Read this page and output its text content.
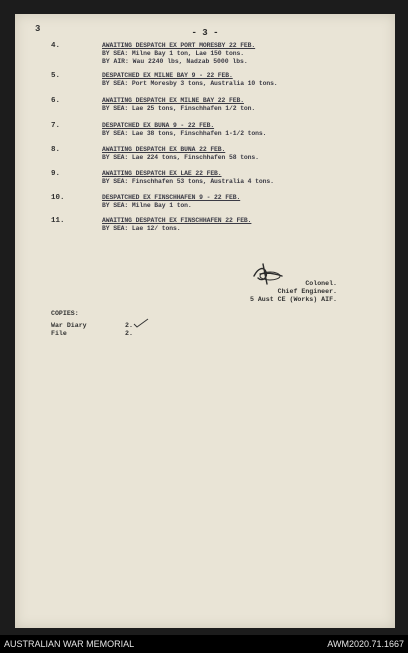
3	- 3 -
4.	AWAITING DESPATCH EX PORT MORESBY 22 FEB.
BY SEA: Milne Bay 1 ton, Lae 150 tons.
BY AIR: Wau 2240 lbs, Nadzab 5000 lbs.
5.	DESPATCHED EX MILNE BAY 9 - 22 FEB.
BY SEA: Port Moresby 3 tons, Australia 10 tons.
6.	AWAITING DESPATCH EX MILNE BAY 22 FEB.
BY SEA: Lae 25 tons, Finschhafen 1/2 ton.
7.	DESPATCHED EX BUNA 9 - 22 FEB.
BY SEA: Lae 38 tons, Finschhafen 1-1/2 tons.
8.	AWAITING DESPATCH EX BUNA 22 FEB.
BY SEA: Lae 224 tons, Finschhafen 58 tons.
9.	AWAITING DESPATCH EX LAE 22 FEB.
BY SEA: Finschhafen 53 tons, Australia 4 tons.
10.	DESPATCHED EX FINSCHHAFEN 9 - 22 FEB.
BY SEA: Milne Bay 1 ton.
11.	AWAITING DESPATCH EX FINSCHHAFEN 22 FEB.
BY SEA: Lae 12/ tons.
Colonel.
Chief Engineer.
5 Aust CE (Works) AIF.
COPIES:
War Diary	2.
File	2.
AUSTRALIAN WAR MEMORIAL	AWM2020.71.1667
